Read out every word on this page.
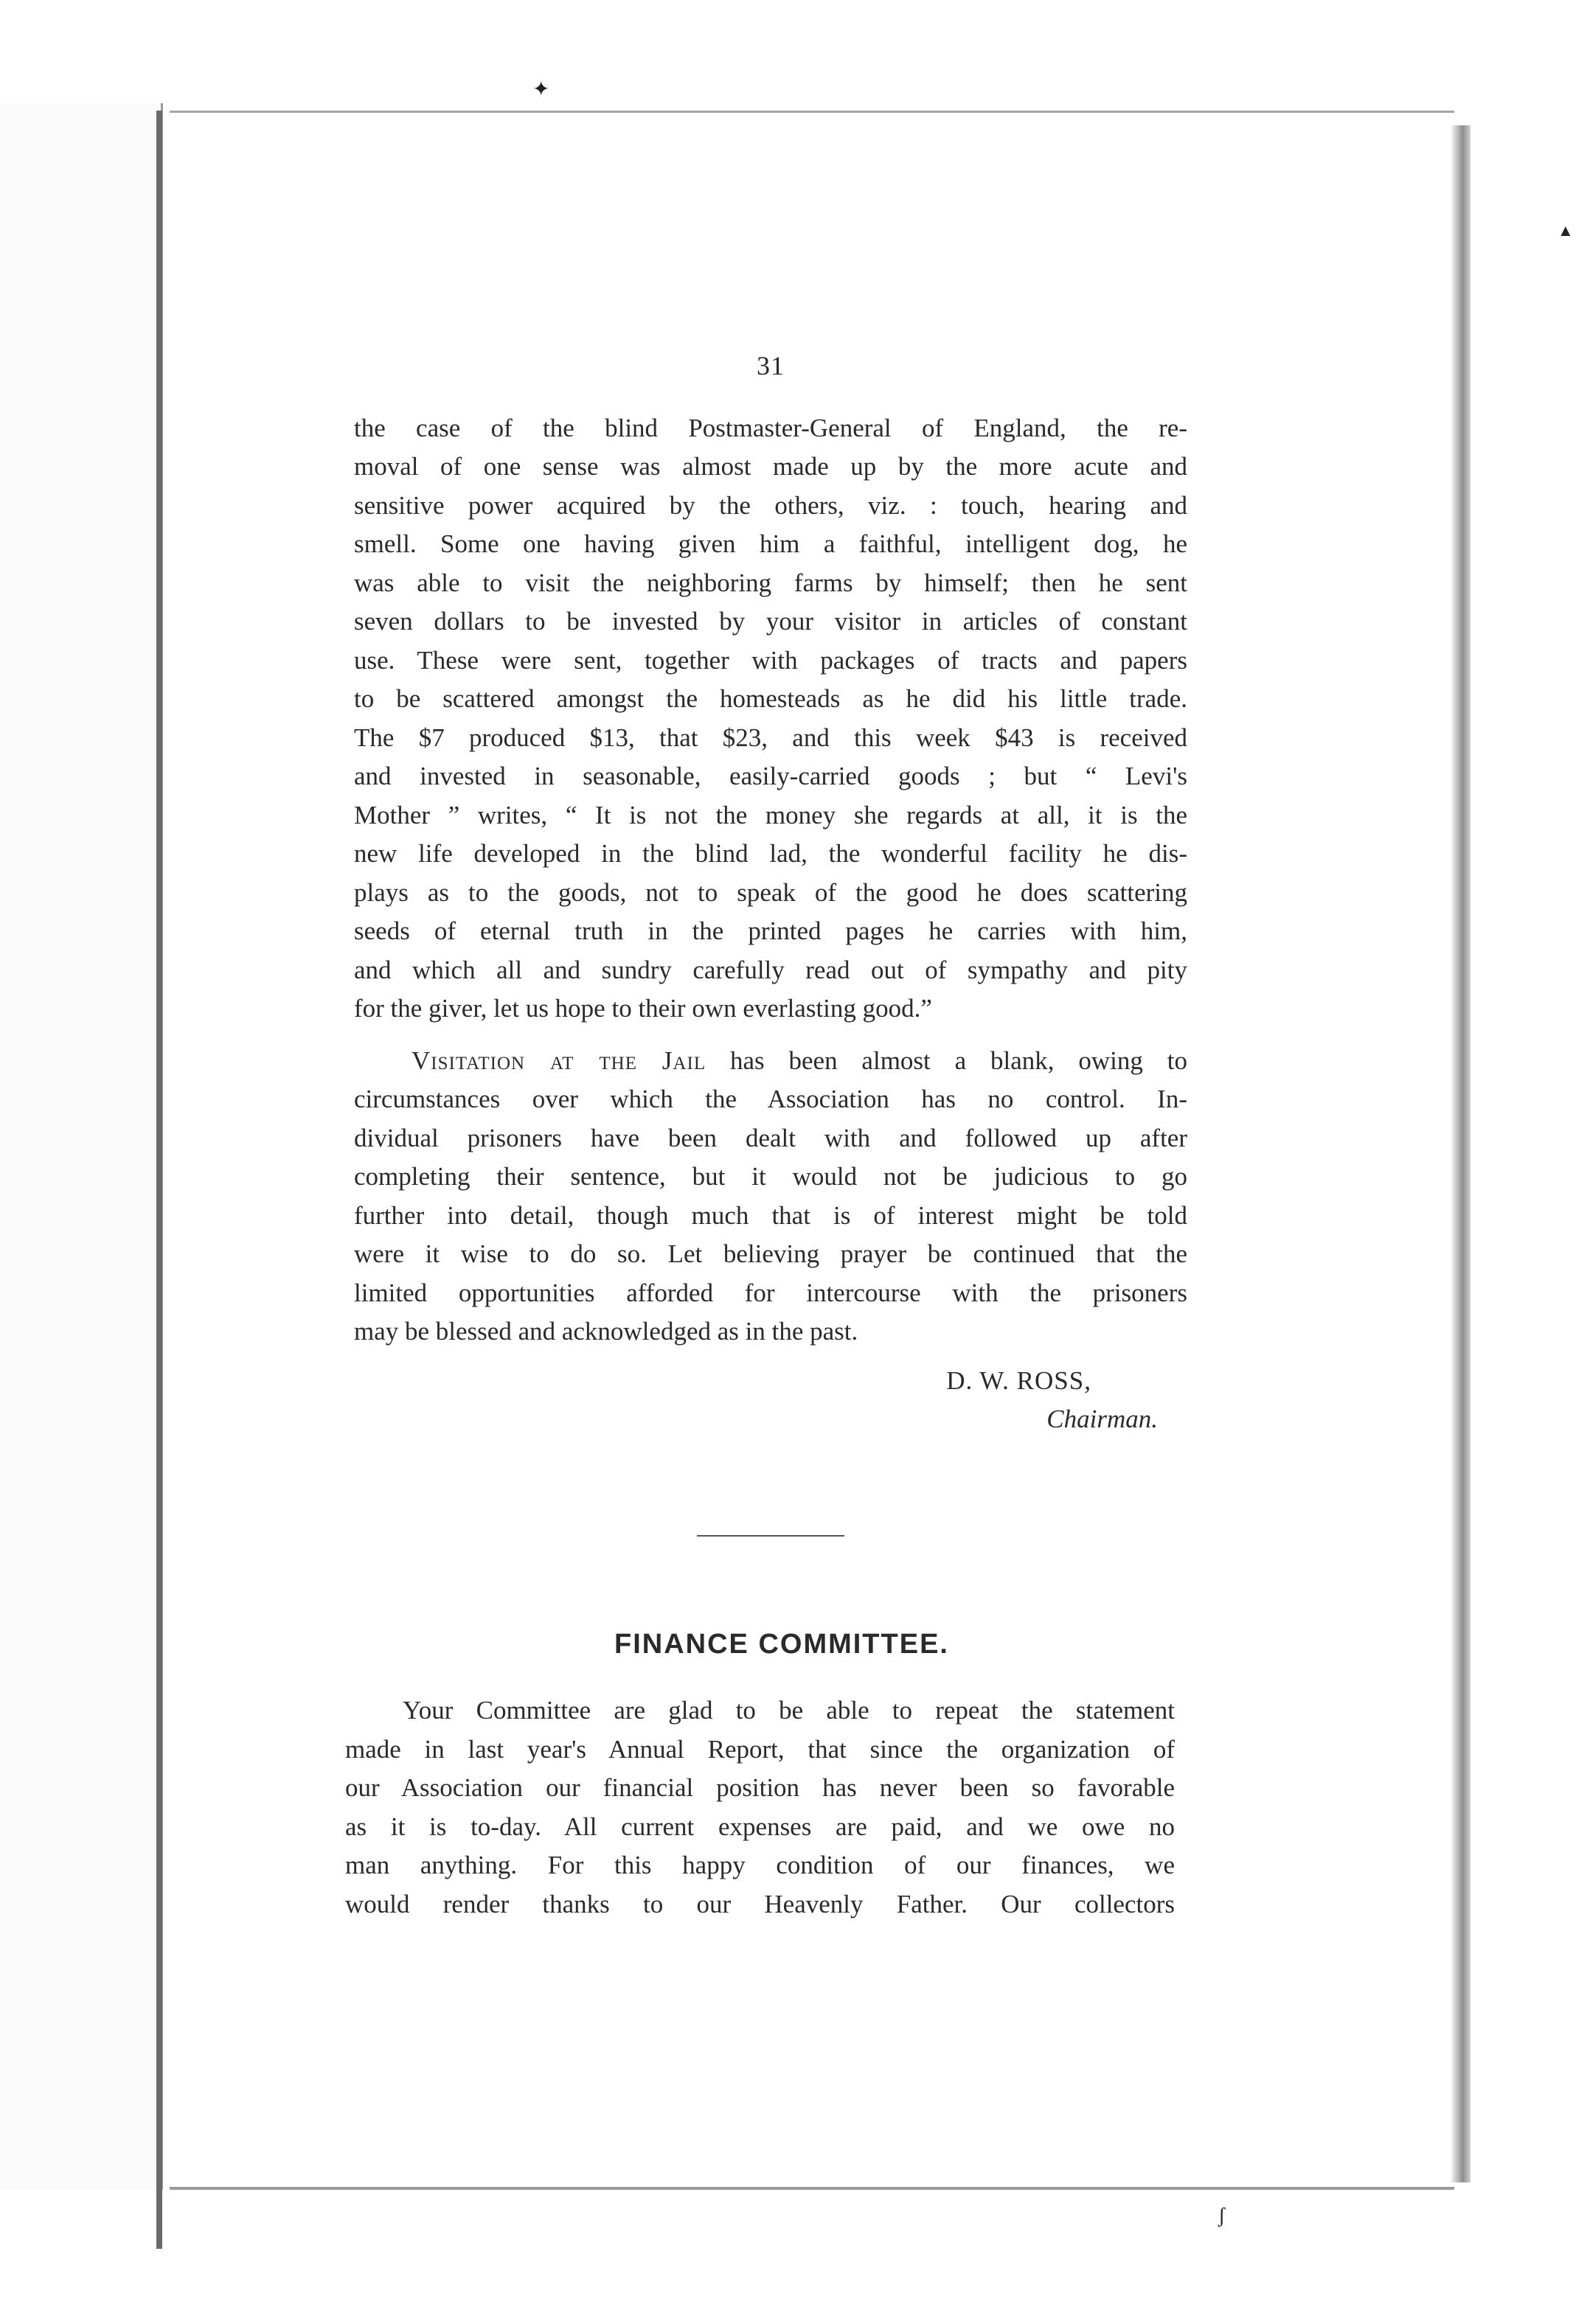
✦
▲
ʃ
31

the case of the blind Postmaster-General of England, the re-

moval of one sense was almost made up by the more acute and

sensitive power acquired by the others, viz. : touch, hearing and

smell. Some one having given him a faithful, intelligent dog, he

was able to visit the neighboring farms by himself; then he sent

seven dollars to be invested by your visitor in articles of constant

use. These were sent, together with packages of tracts and papers

to be scattered amongst the homesteads as he did his little trade.

The $7 produced $13, that $23, and this week $43 is received

and invested in seasonable, easily-carried goods ; but “ Levi's

Mother ” writes, “ It is not the money she regards at all, it is the

new life developed in the blind lad, the wonderful facility he dis-

plays as to the goods, not to speak of the good he does scattering

seeds of eternal truth in the printed pages he carries with him,

and which all and sundry carefully read out of sympathy and pity

for the giver, let us hope to their own everlasting good.”

Visitation at the Jail has been almost a blank, owing to

circumstances over which the Association has no control. In-

dividual prisoners have been dealt with and followed up after

completing their sentence, but it would not be judicious to go

further into detail, though much that is of interest might be told

were it wise to do so. Let believing prayer be continued that the

limited opportunities afforded for intercourse with the prisoners

may be blessed and acknowledged as in the past.

D. W. ROSS,
Chairman.
FINANCE COMMITTEE.

Your Committee are glad to be able to repeat the statement

made in last year's Annual Report, that since the organization of

our Association our financial position has never been so favorable

as it is to-day. All current expenses are paid, and we owe no

man anything. For this happy condition of our finances, we

would render thanks to our Heavenly Father. Our collectors
